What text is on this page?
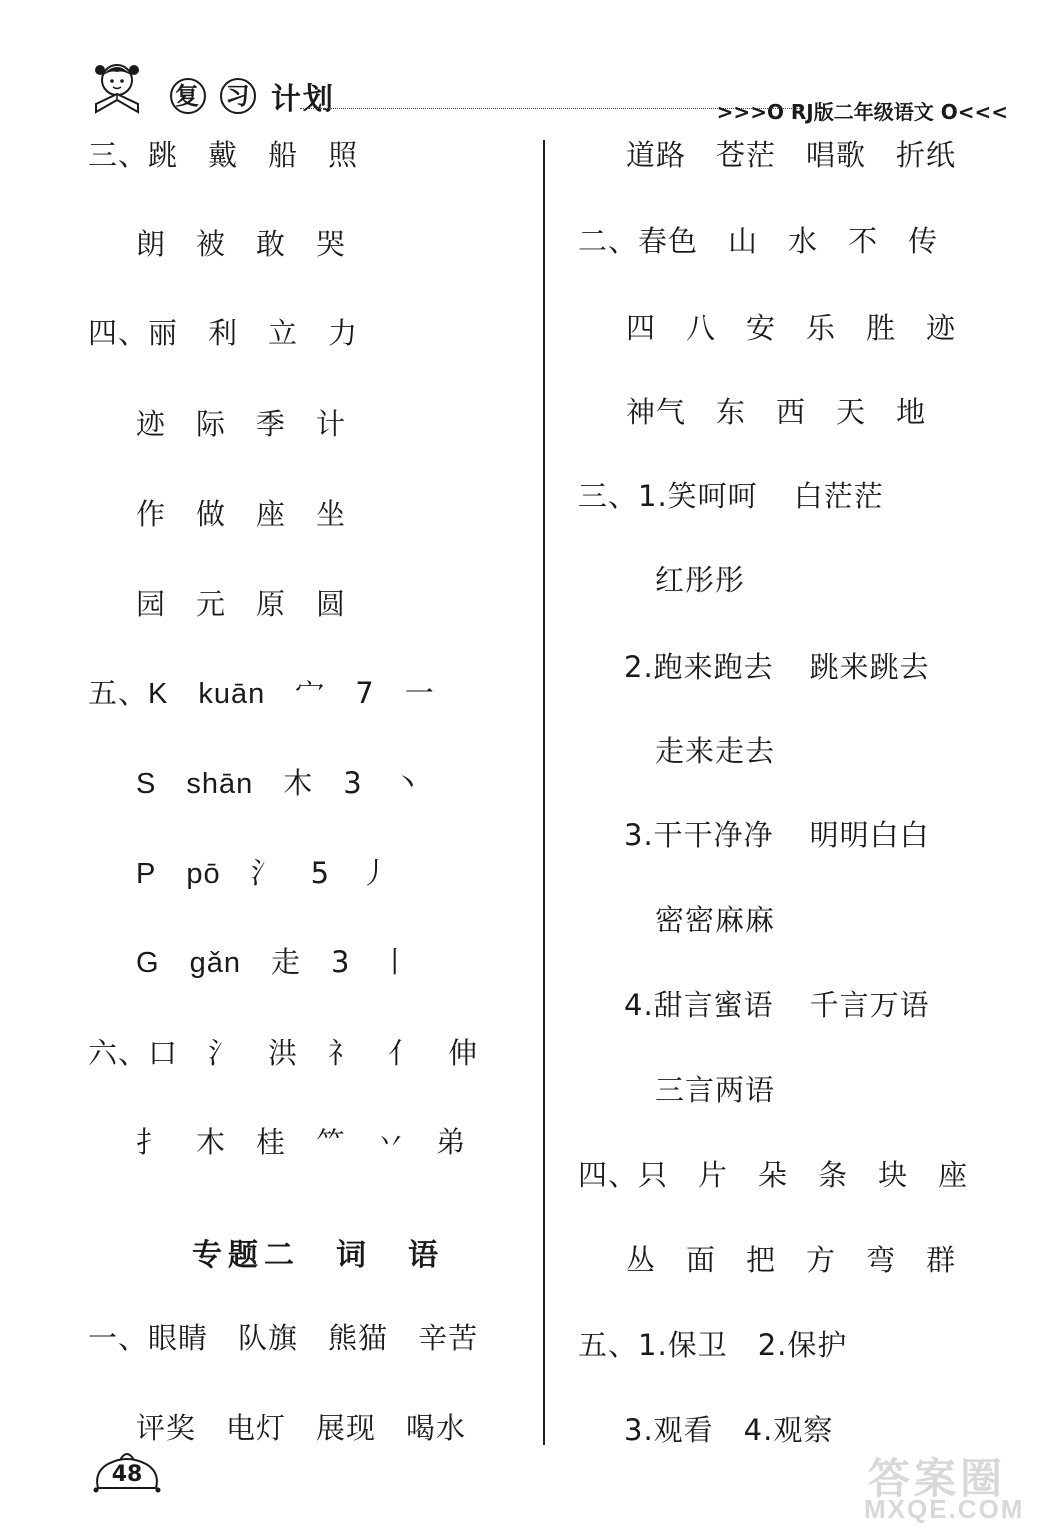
复 习 计划	>>>O RJ版二年级语文 O<<<
三、跳 戴 船 照
朗 被 敢 哭
四、丽 利 立 力
迹 际 季 计
作 做 座 坐
园 元 原 圆
五、K kuān 宀 7 一
S shān 木 3 丶
P pō 氵 5 丿
G gǎn 走 3 丨
六、口 氵 洪 礻 亻 伸
扌 木 桂 ⺮ 丷 弟
专题二　词　语
一、眼睛 队旗 熊猫 辛苦
评奖 电灯 展现 喝水
道路 苍茫 唱歌 折纸
二、春色 山 水 不 传
四 八 安 乐 胜 迹
神气 东 西 天 地
三、1.笑呵呵 白茫茫
红彤彤
2.跑来跑去 跳来跳去
走来走去
3.干干净净 明明白白
密密麻麻
4.甜言蜜语 千言万语
三言两语
四、只 片 朵 条 块 座
丛 面 把 方 弯 群
五、1.保卫 2.保护
3.观看 4.观察
48	答案圈
MXQE.COM
